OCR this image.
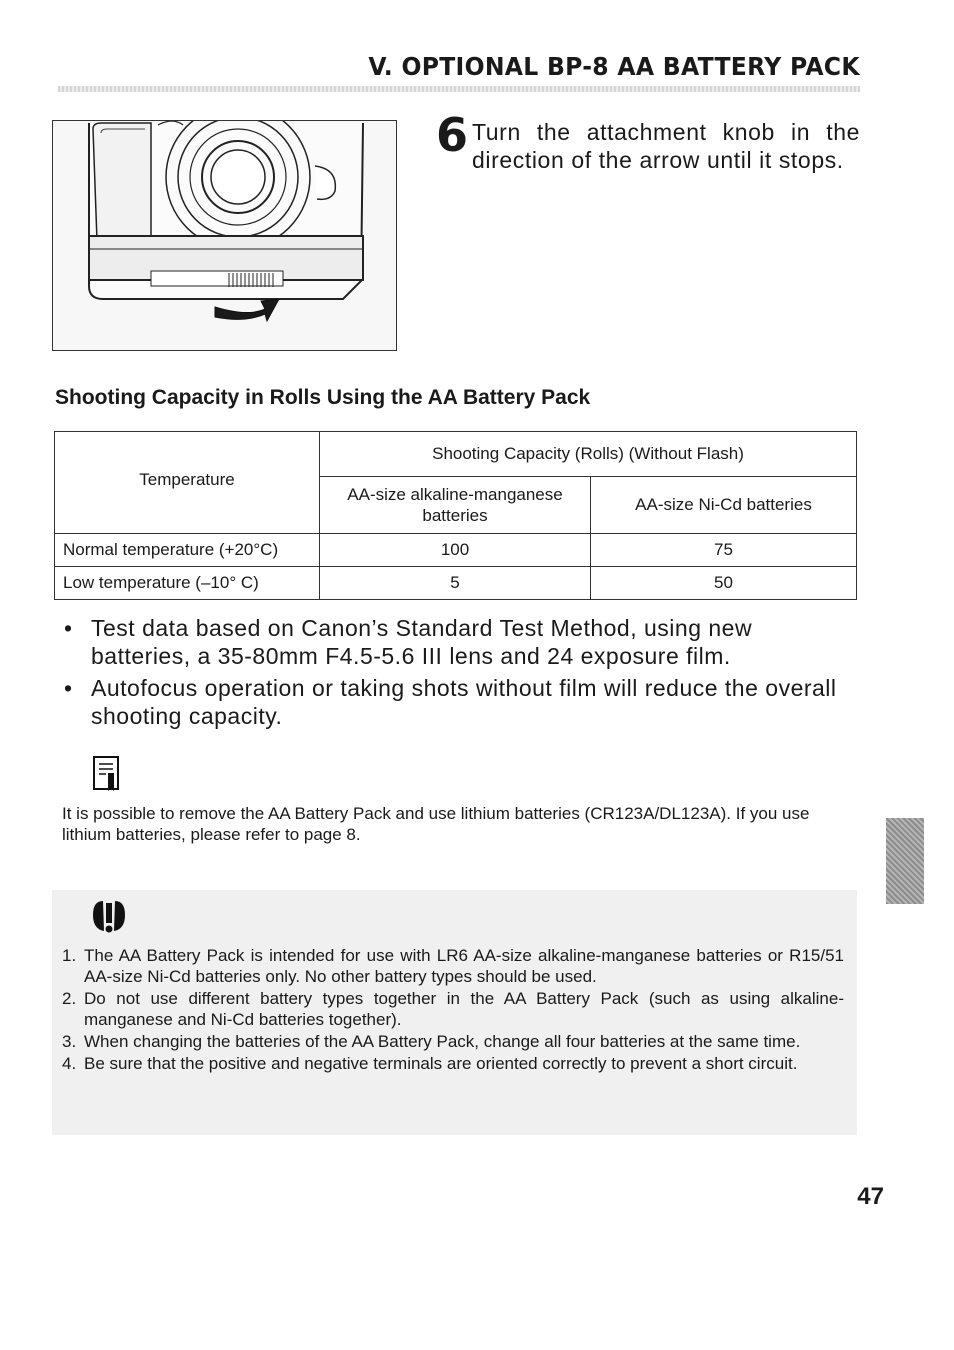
V. OPTIONAL BP-8 AA BATTERY PACK
6 Turn the attachment knob in the direction of the arrow until it stops.
Shooting Capacity in Rolls Using the AA Battery Pack
Temperature	Shooting Capacity (Rolls) (Without Flash)	
	AA-size alkaline-manganese batteries	AA-size Ni-Cd batteries
Normal temperature (+20°C)	100	75
Low temperature (–10° C)	5	50
• Test data based on Canon’s Standard Test Method, using new batteries, a 35-80mm F4.5-5.6 III lens and 24 exposure film.
• Autofocus operation or taking shots without film will reduce the overall shooting capacity.
It is possible to remove the AA Battery Pack and use lithium batteries (CR123A/DL123A). If you use lithium batteries, please refer to page 8.
1. The AA Battery Pack is intended for use with LR6 AA-size alkaline-manganese batteries or R15/51 AA-size Ni-Cd batteries only. No other battery types should be used.
2. Do not use different battery types together in the AA Battery Pack (such as using alkaline-manganese and Ni-Cd batteries together).
3. When changing the batteries of the AA Battery Pack, change all four batteries at the same time.
4. Be sure that the positive and negative terminals are oriented correctly to prevent a short circuit.
47
